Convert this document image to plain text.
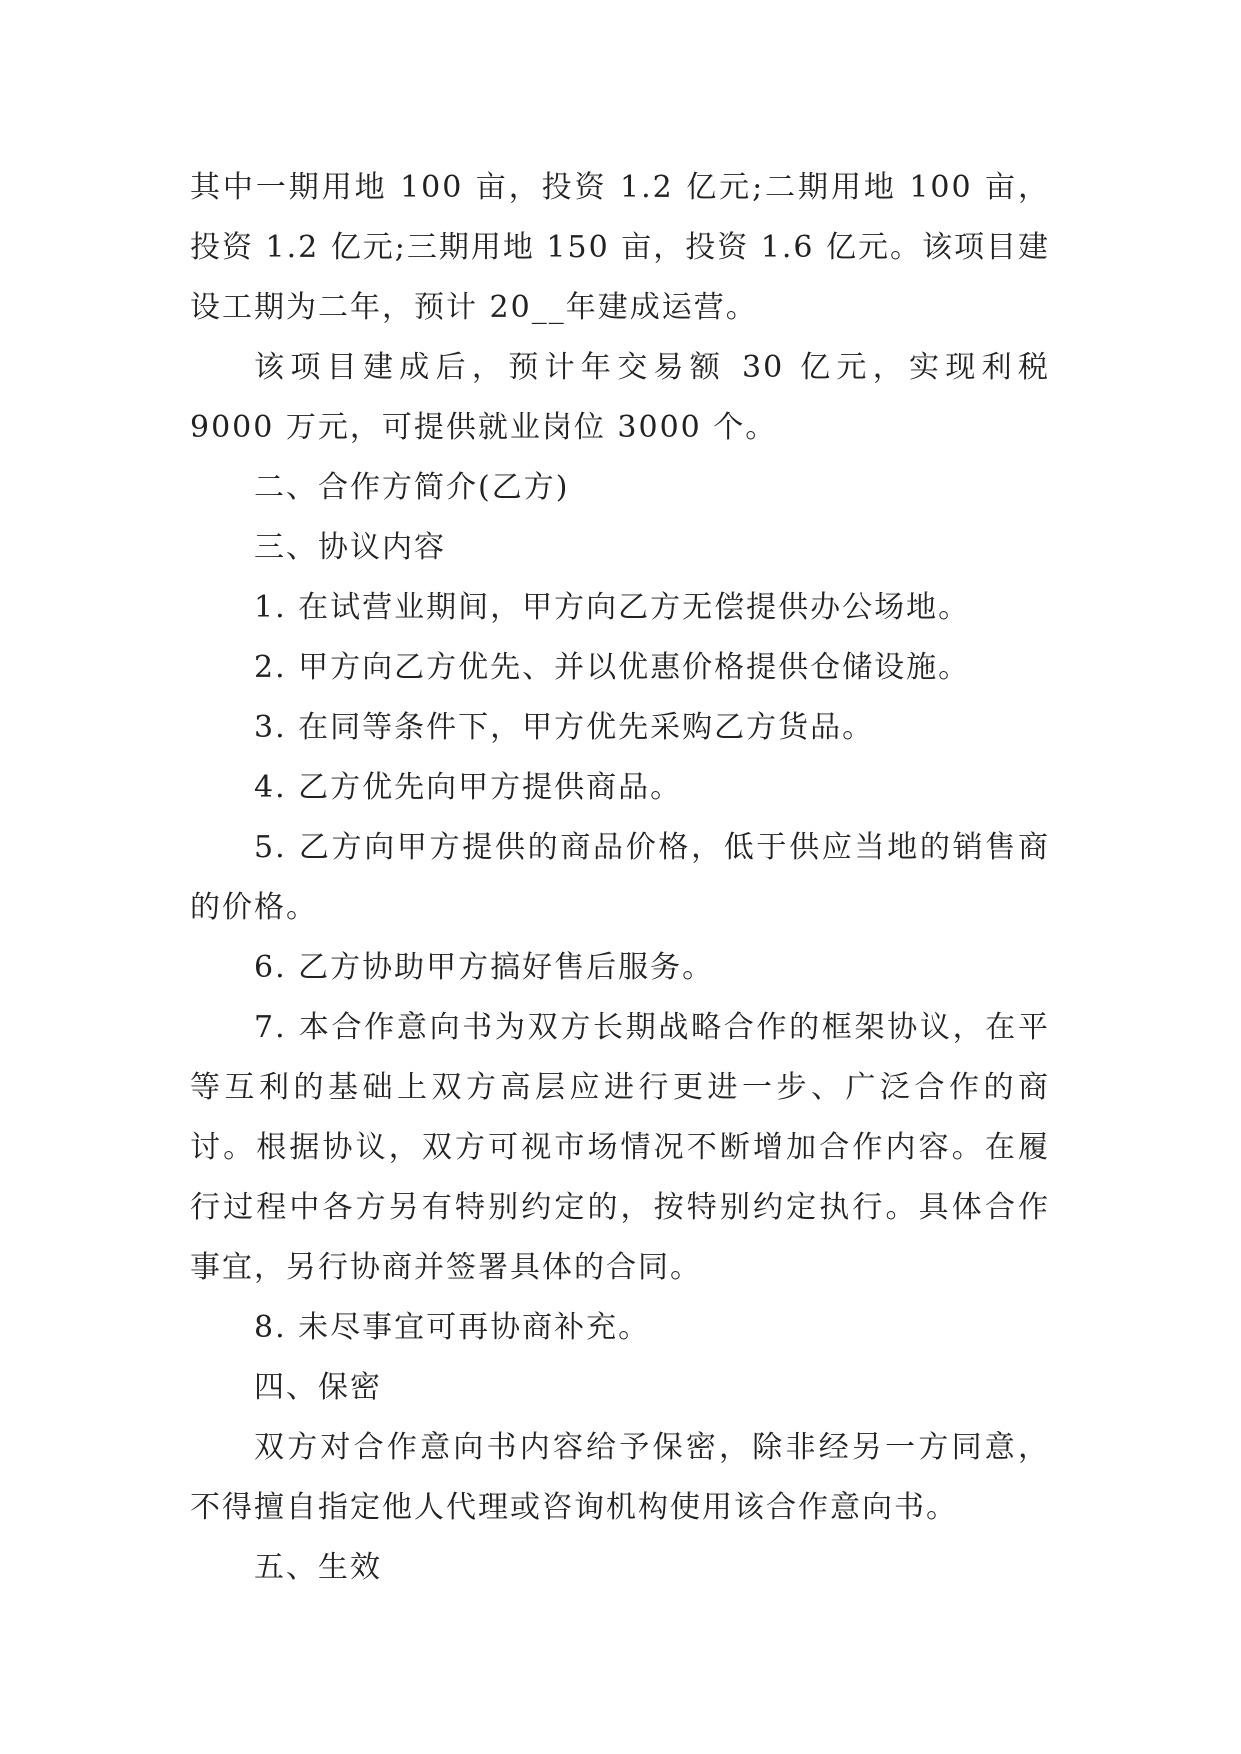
其中一期用地 100 亩，投资 1.2 亿元;二期用地 100 亩，投资 1.2 亿元;三期用地 150 亩，投资 1.6 亿元。该项目建设工期为二年，预计 20__年建成运营。

该项目建成后，预计年交易额 30 亿元，实现利税 9000 万元，可提供就业岗位 3000 个。

二、合作方简介(乙方)

三、协议内容

1. 在试营业期间，甲方向乙方无偿提供办公场地。

2. 甲方向乙方优先、并以优惠价格提供仓储设施。

3. 在同等条件下，甲方优先采购乙方货品。

4. 乙方优先向甲方提供商品。

5. 乙方向甲方提供的商品价格，低于供应当地的销售商的价格。

6. 乙方协助甲方搞好售后服务。

7. 本合作意向书为双方长期战略合作的框架协议，在平等互利的基础上双方高层应进行更进一步、广泛合作的商讨。根据协议，双方可视市场情况不断增加合作内容。在履行过程中各方另有特别约定的，按特别约定执行。具体合作事宜，另行协商并签署具体的合同。

8. 未尽事宜可再协商补充。

四、保密

双方对合作意向书内容给予保密，除非经另一方同意，不得擅自指定他人代理或咨询机构使用该合作意向书。

五、生效
